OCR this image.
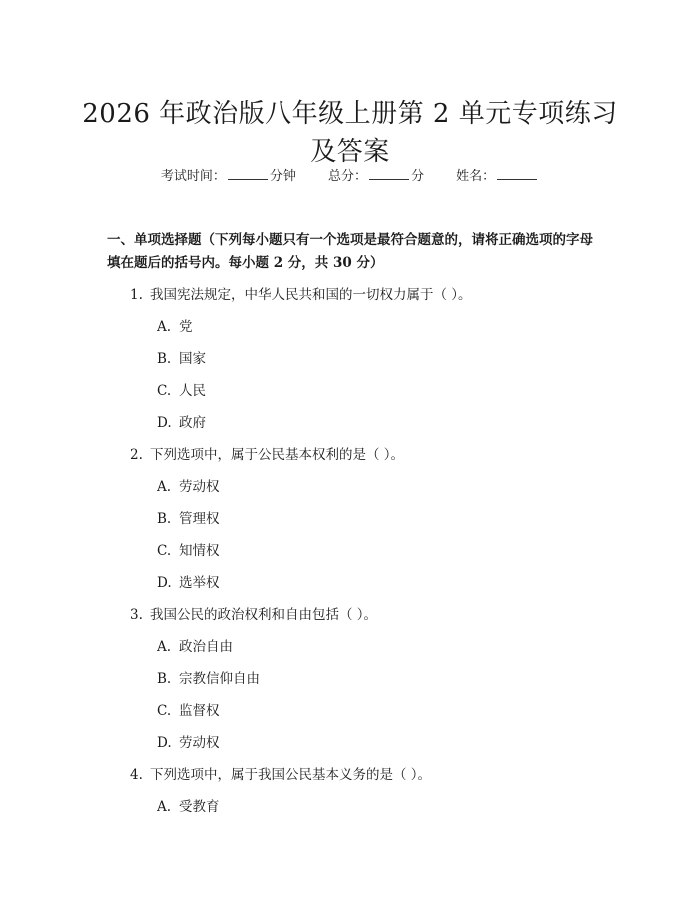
2026 年政治版八年级上册第 2 单元专项练习及答案
考试时间：	分钟 总分：	分 姓名：
一、单项选择题（下列每小题只有一个选项是最符合题意的，请将正确选项的字母填在题后的括号内。每小题 2 分，共 30 分）
1. 我国宪法规定，中华人民共和国的一切权力属于（ ）。
A. 党
B. 国家
C. 人民
D. 政府
2. 下列选项中，属于公民基本权利的是（ ）。
A. 劳动权
B. 管理权
C. 知情权
D. 选举权
3. 我国公民的政治权利和自由包括（ ）。
A. 政治自由
B. 宗教信仰自由
C. 监督权
D. 劳动权
4. 下列选项中，属于我国公民基本义务的是（ ）。
A. 受教育
